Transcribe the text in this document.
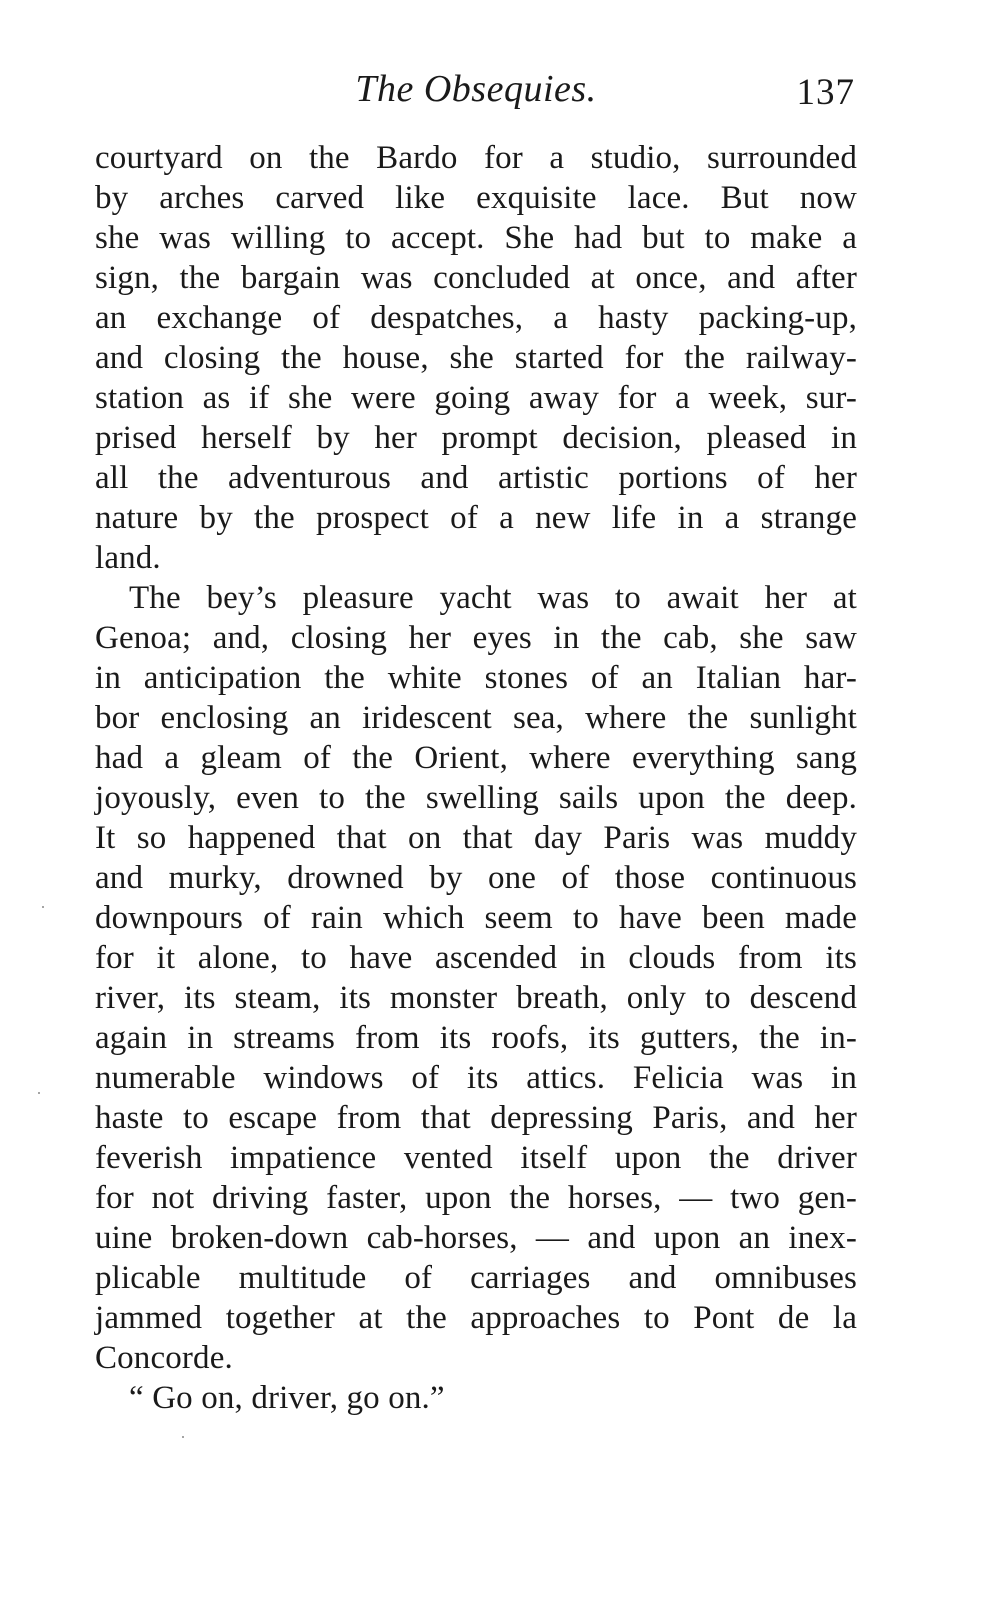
The Obsequies.	137
courtyard on the Bardo for a studio, surrounded
by arches carved like exquisite lace. But now
she was willing to accept. She had but to make a
sign, the bargain was concluded at once, and after
an exchange of despatches, a hasty packing-up,
and closing the house, she started for the railway-
station as if she were going away for a week, sur-
prised herself by her prompt decision, pleased in
all the adventurous and artistic portions of her
nature by the prospect of a new life in a strange
land.
The bey’s pleasure yacht was to await her at
Genoa; and, closing her eyes in the cab, she saw
in anticipation the white stones of an Italian har-
bor enclosing an iridescent sea, where the sunlight
had a gleam of the Orient, where everything sang
joyously, even to the swelling sails upon the deep.
It so happened that on that day Paris was muddy
and murky, drowned by one of those continuous
downpours of rain which seem to have been made
for it alone, to have ascended in clouds from its
river, its steam, its monster breath, only to descend
again in streams from its roofs, its gutters, the in-
numerable windows of its attics. Felicia was in
haste to escape from that depressing Paris, and her
feverish impatience vented itself upon the driver
for not driving faster, upon the horses, — two gen-
uine broken-down cab-horses, — and upon an inex-
plicable multitude of carriages and omnibuses
jammed together at the approaches to Pont de la
Concorde.
“ Go on, driver, go on.”
